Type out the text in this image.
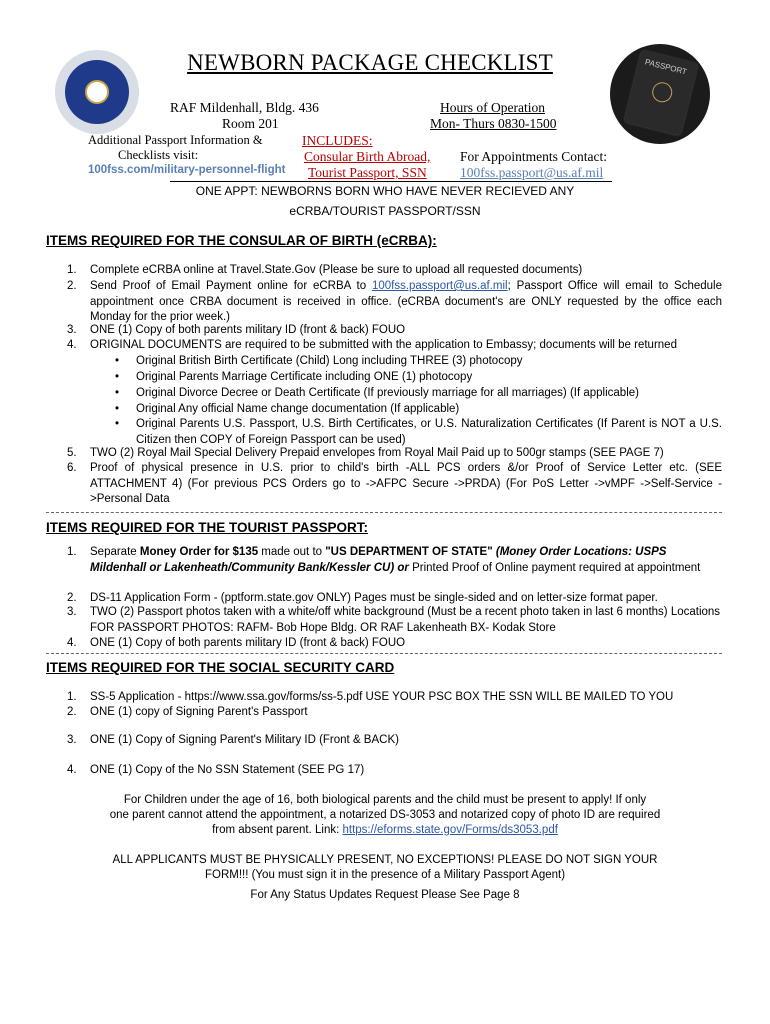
PASSPORT
NEWBORN PACKAGE CHECKLIST
RAF Mildenhall, Bldg. 436
Room 201
Hours of Operation
Mon- Thurs 0830-1500
Additional Passport Information &
Checklists visit:
100fss.com/military-personnel-flight
INCLUDES:
Consular Birth Abroad,
Tourist Passport, SSN
For Appointments Contact:
100fss.passport@us.af.mil
ONE APPT: NEWBORNS BORN WHO HAVE NEVER RECIEVED ANY
eCRBA/TOURIST PASSPORT/SSN
ITEMS REQUIRED FOR THE CONSULAR OF BIRTH (eCRBA):
1. Complete eCRBA online at Travel.State.Gov (Please be sure to upload all requested documents)
2. Send Proof of Email Payment online for eCRBA to 100fss.passport@us.af.mil; Passport Office will email to Schedule appointment once CRBA document is received in office. (eCRBA document's are ONLY requested by the office each Monday for the prior week.)
3. ONE (1) Copy of both parents military ID (front & back) FOUO
4. ORIGINAL DOCUMENTS are required to be submitted with the application to Embassy; documents will be returned
• Original British Birth Certificate (Child) Long including THREE (3) photocopy
• Original Parents Marriage Certificate including ONE (1) photocopy
• Original Divorce Decree or Death Certificate (If previously marriage for all marriages) (If applicable)
• Original Any official Name change documentation (If applicable)
• Original Parents U.S. Passport, U.S. Birth Certificates, or U.S. Naturalization Certificates (If Parent is NOT a U.S. Citizen then COPY of Foreign Passport can be used)
5. TWO (2) Royal Mail Special Delivery Prepaid envelopes from Royal Mail Paid up to 500gr stamps (SEE PAGE 7)
6. Proof of physical presence in U.S. prior to child's birth -ALL PCS orders &/or Proof of Service Letter etc. (SEE ATTACHMENT 4) (For previous PCS Orders go to ->AFPC Secure ->PRDA) (For PoS Letter ->vMPF ->Self-Service ->Personal Data
ITEMS REQUIRED FOR THE TOURIST PASSPORT:
1. Separate Money Order for $135 made out to "US DEPARTMENT OF STATE" (Money Order Locations: USPS Mildenhall or Lakenheath/Community Bank/Kessler CU) or Printed Proof of Online payment required at appointment
2. DS-11 Application Form - (pptform.state.gov ONLY) Pages must be single-sided and on letter-size format paper.
3. TWO (2) Passport photos taken with a white/off white background (Must be a recent photo taken in last 6 months) Locations FOR PASSPORT PHOTOS: RAFM- Bob Hope Bldg. OR RAF Lakenheath BX- Kodak Store
4. ONE (1) Copy of both parents military ID (front & back) FOUO
ITEMS REQUIRED FOR THE SOCIAL SECURITY CARD
1. SS-5 Application - https://www.ssa.gov/forms/ss-5.pdf USE YOUR PSC BOX THE SSN WILL BE MAILED TO YOU
2. ONE (1) copy of Signing Parent's Passport
3. ONE (1) Copy of Signing Parent's Military ID (Front & BACK)
4. ONE (1) Copy of the No SSN Statement (SEE PG 17)
For Children under the age of 16, both biological parents and the child must be present to apply! If only
one parent cannot attend the appointment, a notarized DS-3053 and notarized copy of photo ID are required
from absent parent. Link: https://eforms.state.gov/Forms/ds3053.pdf
ALL APPLICANTS MUST BE PHYSICALLY PRESENT, NO EXCEPTIONS! PLEASE DO NOT SIGN YOUR
FORM!!! (You must sign it in the presence of a Military Passport Agent)
For Any Status Updates Request Please See Page 8
